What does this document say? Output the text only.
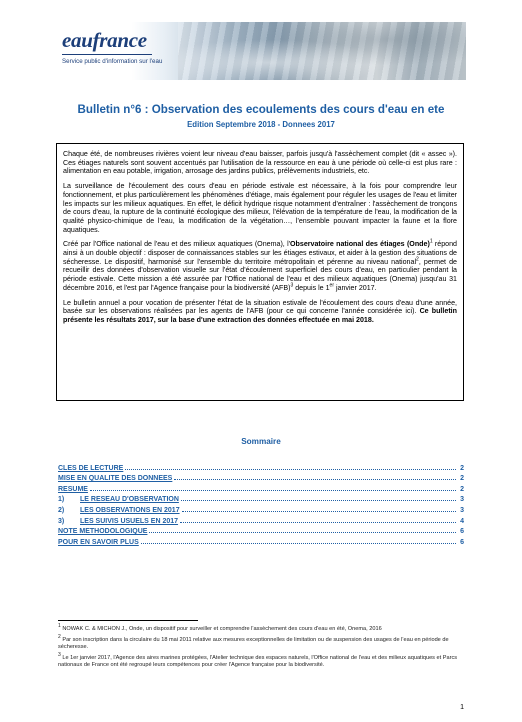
eaufrance
Service public d'information sur l'eau
Bulletin n°6 : Observation des ecoulements des cours d'eau en ete
Edition Septembre 2018 - Donnees 2017

Chaque été, de nombreuses rivières voient leur niveau d'eau baisser, parfois jusqu'à l'assèchement complet (dit « assec »). Ces étiages naturels sont souvent accentués par l'utilisation de la ressource en eau à une période où celle-ci est plus rare : alimentation en eau potable, irrigation, arrosage des jardins publics, prélèvements industriels, etc.

La surveillance de l'écoulement des cours d'eau en période estivale est nécessaire, à la fois pour comprendre leur fonctionnement, et plus particulièrement les phénomènes d'étiage, mais également pour réguler les usages de l'eau et limiter les impacts sur les milieux aquatiques. En effet, le déficit hydrique risque notamment d'entraîner : l'assèchement de tronçons de cours d'eau, la rupture de la continuité écologique des milieux, l'élévation de la température de l'eau, la modification de la qualité physico-chimique de l'eau, la modification de la végétation…, l'ensemble pouvant impacter la faune et la flore aquatiques.

Créé par l'Office national de l'eau et des milieux aquatiques (Onema), l'Observatoire national des étiages (Onde)$^1$ répond ainsi à un double objectif : disposer de connaissances stables sur les étiages estivaux, et aider à la gestion des situations de sécheresse. Le dispositif, harmonisé sur l'ensemble du territoire métropolitain et pérenne au niveau national$^2$, permet de recueillir des données d'observation visuelle sur l'état d'écoulement superficiel des cours d'eau, en particulier pendant la période estivale. Cette mission a été assurée par l'Office national de l'eau et des milieux aquatiques (Onema) jusqu'au 31 décembre 2016, et l'est par l'Agence française pour la biodiversité (AFB)$^3$ depuis le 1er janvier 2017.

Le bulletin annuel a pour vocation de présenter l'état de la situation estivale de l'écoulement des cours d'eau d'une année, basée sur les observations réalisées par les agents de l'AFB (pour ce qui concerne l'année considérée ici). Ce bulletin présente les résultats 2017, sur la base d'une extraction des données effectuée en mai 2018.

Sommaire
CLES DE LECTURE	2
MISE EN QUALITE DES DONNEES	2
RESUME	2
1)	LE RESEAU D'OBSERVATION	3
2)	LES OBSERVATIONS EN 2017	3
3)	LES SUIVIS USUELS EN 2017	4
NOTE METHODOLOGIQUE	6
POUR EN SAVOIR PLUS	6
$^1$ NOWAK C. & MICHON J., Onde, un dispositif pour surveiller et comprendre l'assèchement des cours d'eau en été, Onema, 2016
$^2$ Par son inscription dans la circulaire du 18 mai 2011 relative aux mesures exceptionnelles de limitation ou de suspension des usages de l'eau en période de sécheresse.
$^3$ Le 1er janvier 2017, l'Agence des aires marines protégées, l'Atelier technique des espaces naturels, l'Office national de l'eau et des milieux aquatiques et Parcs nationaux de France ont été regroupé leurs compétences pour créer l'Agence française pour la biodiversité.
1
